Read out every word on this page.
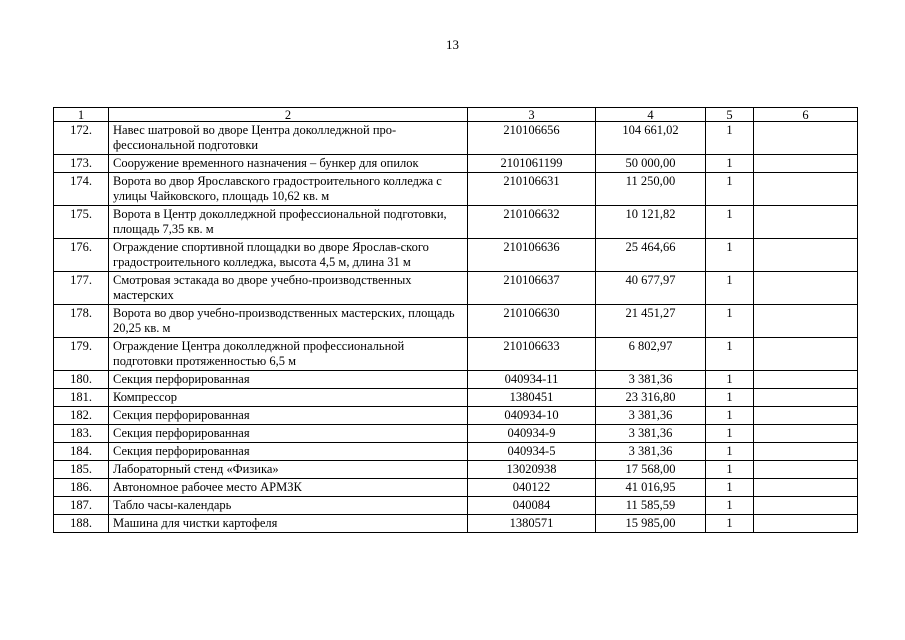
13
1	2	3	4	5	6
172.	Навес шатровой во дворе Центра доколледжной про-фессиональной подготовки	210106656	104 661,02	1	
173.	Сооружение временного назначения – бункер для опилок	2101061199	50 000,00	1	
174.	Ворота во двор Ярославского градостроительного колледжа с улицы Чайковского, площадь 10,62 кв. м	210106631	11 250,00	1	
175.	Ворота в Центр доколледжной профессиональной подготовки, площадь 7,35 кв. м	210106632	10 121,82	1	
176.	Ограждение спортивной площадки во дворе Ярослав-ского градостроительного колледжа, высота 4,5 м, длина 31 м	210106636	25 464,66	1	
177.	Смотровая эстакада во дворе учебно-производственных мастерских	210106637	40 677,97	1	
178.	Ворота во двор учебно-производственных мастерских, площадь 20,25 кв. м	210106630	21 451,27	1	
179.	Ограждение Центра доколледжной профессиональной подготовки протяженностью 6,5 м	210106633	6 802,97	1	
180.	Секция перфорированная	040934-11	3 381,36	1	
181.	Компрессор	1380451	23 316,80	1	
182.	Секция перфорированная	040934-10	3 381,36	1	
183.	Секция перфорированная	040934-9	3 381,36	1	
184.	Секция перфорированная	040934-5	3 381,36	1	
185.	Лабораторный стенд «Физика»	13020938	17 568,00	1	
186.	Автономное рабочее место АРМЗК	040122	41 016,95	1	
187.	Табло часы-календарь	040084	11 585,59	1	
188.	Машина для чистки картофеля	1380571	15 985,00	1	
